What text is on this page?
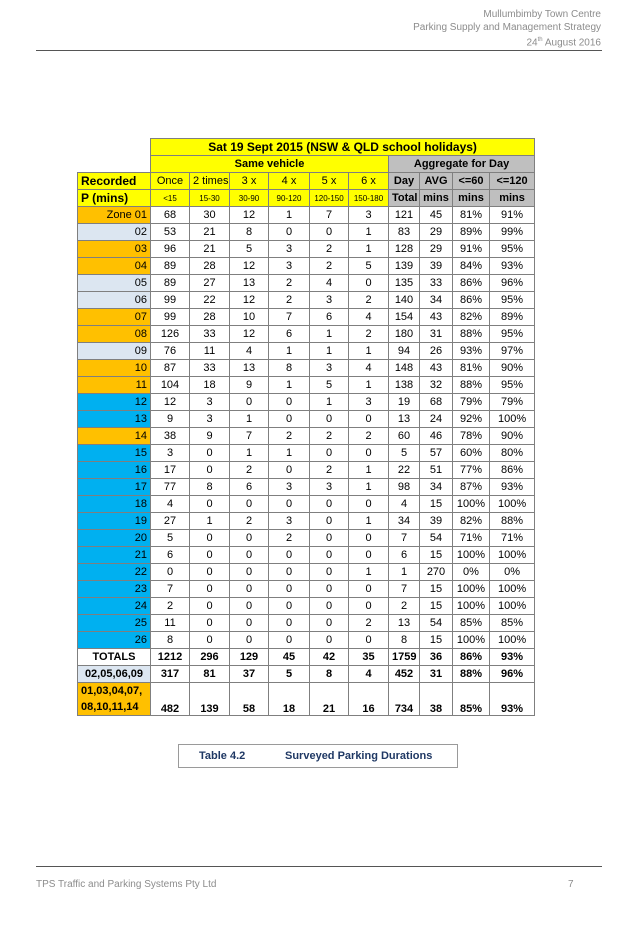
Mullumbimby Town Centre
Parking Supply and Management Strategy
24th August 2016
	Sat 19 Sept 2015 (NSW & QLD school holidays)									
	Same vehicle						Aggregate for Day			
Recorded	Once	2 times	3 x	4 x	5 x	6 x	Day	AVG	<=60	<=120
P (mins)	<15	15-30	30-90	90-120	120-150	150-180	Total	mins	mins	mins
Zone 01	68	30	12	1	7	3	121	45	81%	91%
02	53	21	8	0	0	1	83	29	89%	99%
03	96	21	5	3	2	1	128	29	91%	95%
04	89	28	12	3	2	5	139	39	84%	93%
05	89	27	13	2	4	0	135	33	86%	96%
06	99	22	12	2	3	2	140	34	86%	95%
07	99	28	10	7	6	4	154	43	82%	89%
08	126	33	12	6	1	2	180	31	88%	95%
09	76	11	4	1	1	1	94	26	93%	97%
10	87	33	13	8	3	4	148	43	81%	90%
11	104	18	9	1	5	1	138	32	88%	95%
12	12	3	0	0	1	3	19	68	79%	79%
13	9	3	1	0	0	0	13	24	92%	100%
14	38	9	7	2	2	2	60	46	78%	90%
15	3	0	1	1	0	0	5	57	60%	80%
16	17	0	2	0	2	1	22	51	77%	86%
17	77	8	6	3	3	1	98	34	87%	93%
18	4	0	0	0	0	0	4	15	100%	100%
19	27	1	2	3	0	1	34	39	82%	88%
20	5	0	0	2	0	0	7	54	71%	71%
21	6	0	0	0	0	0	6	15	100%	100%
22	0	0	0	0	0	1	1	270	0%	0%
23	7	0	0	0	0	0	7	15	100%	100%
24	2	0	0	0	0	0	2	15	100%	100%
25	11	0	0	0	0	2	13	54	85%	85%
26	8	0	0	0	0	0	8	15	100%	100%
TOTALS	1212	296	129	45	42	35	1759	36	86%	93%
02,05,06,09	317	81	37	5	8	4	452	31	88%	96%

01,03,04,07,
08,10,11,14	482	139	58	18	21	16	734	38	85%	93%
Table 4.2	Surveyed Parking Durations
TPS Traffic and Parking Systems Pty Ltd	7
